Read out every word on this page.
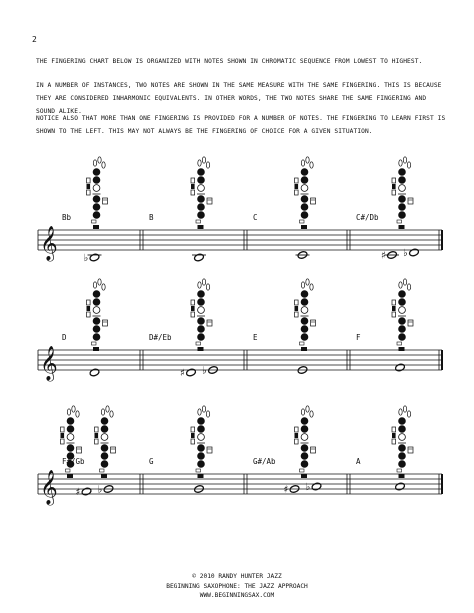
2
THE FINGERING CHART BELOW IS ORGANIZED WITH NOTES SHOWN IN CHROMATIC SEQUENCE FROM LOWEST TO HIGHEST.
IN A NUMBER OF INSTANCES, TWO NOTES ARE SHOWN IN THE SAME MEASURE WITH THE SAME FINGERING. THIS IS BECAUSE THEY ARE CONSIDERED INHARMONIC EQUIVALENTS. IN OTHER WORDS, THE TWO NOTES SHARE THE SAME FINGERING AND SOUND ALIKE.
NOTICE ALSO THAT MORE THAN ONE FINGERING IS PROVIDED FOR A NUMBER OF NOTES. THE FINGERING TO LEARN FIRST IS SHOWN TO THE LEFT. THIS MAY NOT ALWAYS BE THE FINGERING OF CHOICE FOR A GIVEN SITUATION.
𝄞
Bb
♭
B	C	C#/Db
♯ ♭
𝄞
D	D#/Eb
♯ ♭
E	F
𝄞
F#/Gb
♯ ♭
G	G#/Ab
♯ ♭
A
© 2010 RANDY HUNTER JAZZ
BEGINNING SAXOPHONE: THE JAZZ APPROACH
WWW.BEGINNINGSAX.COM
